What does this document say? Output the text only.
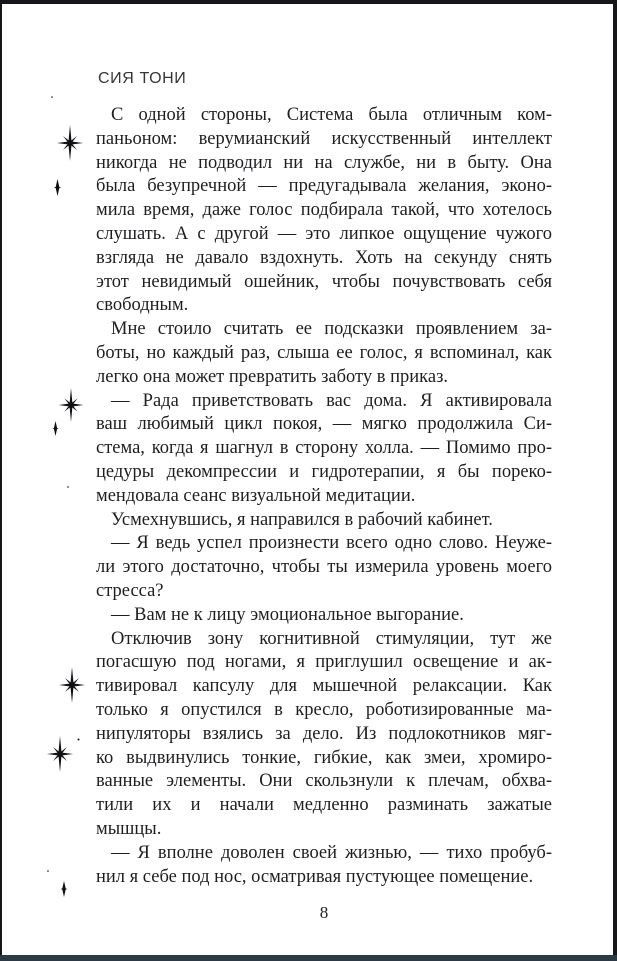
СИЯ ТОНИ
С одной стороны, Система была отличным ком-
паньоном: верумианский искусственный интеллект
никогда не подводил ни на службе, ни в быту. Она
была безупречной — предугадывала желания, эконо-
мила время, даже голос подбирала такой, что хотелось
слушать. А с другой — это липкое ощущение чужого
взгляда не давало вздохнуть. Хоть на секунду снять
этот невидимый ошейник, чтобы почувствовать себя
свободным.
Мне стоило считать ее подсказки проявлением за-
боты, но каждый раз, слыша ее голос, я вспоминал, как
легко она может превратить заботу в приказ.
— Рада приветствовать вас дома. Я активировала
ваш любимый цикл покоя, — мягко продолжила Си-
стема, когда я шагнул в сторону холла. — Помимо про-
цедуры декомпрессии и гидротерапии, я бы пореко-
мендовала сеанс визуальной медитации.
Усмехнувшись, я направился в рабочий кабинет.
— Я ведь успел произнести всего одно слово. Неуже-
ли этого достаточно, чтобы ты измерила уровень моего
стресса?
— Вам не к лицу эмоциональное выгорание.
Отключив зону когнитивной стимуляции, тут же
погасшую под ногами, я приглушил освещение и ак-
тивировал капсулу для мышечной релаксации. Как
только я опустился в кресло, роботизированные ма-
нипуляторы взялись за дело. Из подлокотников мяг-
ко выдвинулись тонкие, гибкие, как змеи, хромиро-
ванные элементы. Они скользнули к плечам, обхва-
тили их и начали медленно разминать зажатые
мышцы.
— Я вполне доволен своей жизнью, — тихо пробуб-
нил я себе под нос, осматривая пустующее помещение.
8
